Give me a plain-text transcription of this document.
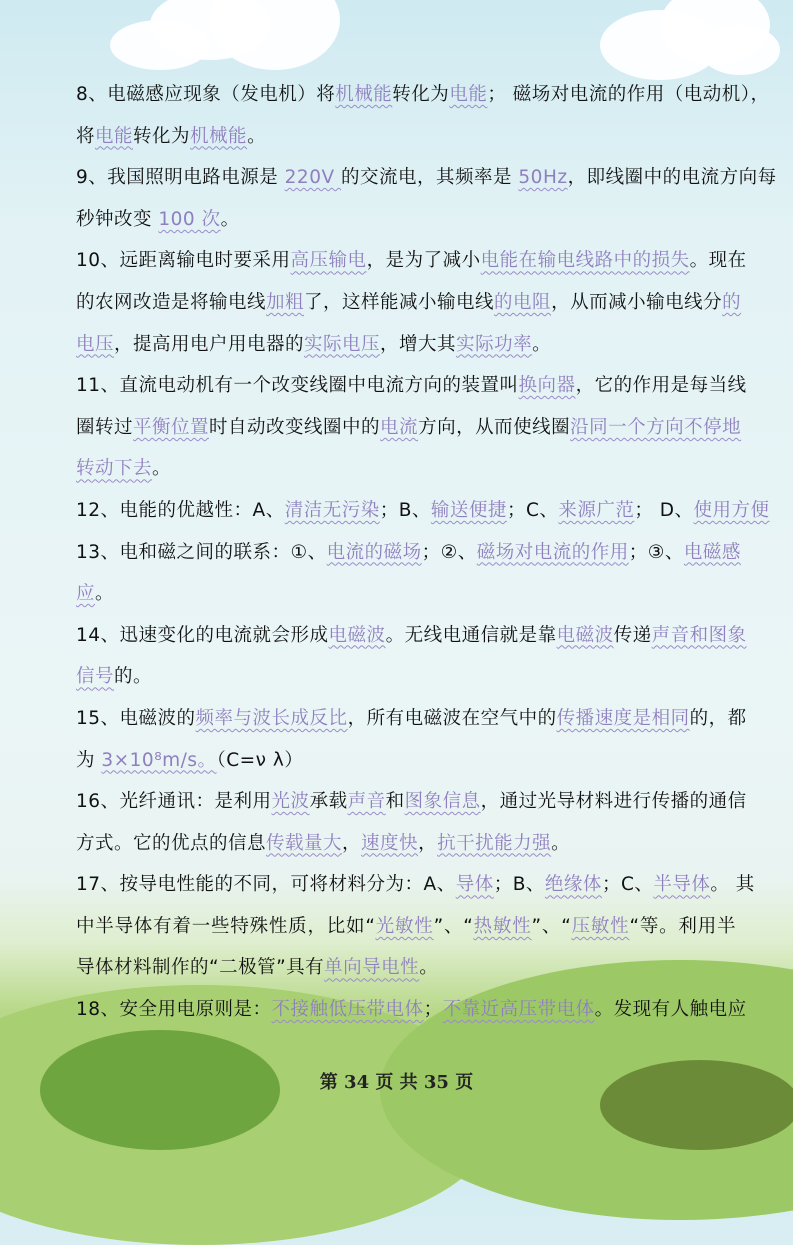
8、电磁感应现象（发电机）将机械能转化为电能； 磁场对电流的作用（电动机），
将电能转化为机械能。
9、我国照明电路电源是 220V 的交流电，其频率是 50Hz，即线圈中的电流方向每
秒钟改变 100 次。
10、远距离输电时要采用高压输电，是为了减小电能在输电线路中的损失。现在
的农网改造是将输电线加粗了，这样能减小输电线的电阻，从而减小输电线分的
电压，提高用电户用电器的实际电压，增大其实际功率。
11、直流电动机有一个改变线圈中电流方向的装置叫换向器，它的作用是每当线
圈转过平衡位置时自动改变线圈中的电流方向，从而使线圈沿同一个方向不停地
转动下去。
12、电能的优越性：A、清洁无污染；B、输送便捷；C、来源广范； D、使用方便
13、电和磁之间的联系：①、电流的磁场；②、磁场对电流的作用；③、电磁感
应。
14、迅速变化的电流就会形成电磁波。无线电通信就是靠电磁波传递声音和图象
信号的。
15、电磁波的频率与波长成反比，所有电磁波在空气中的传播速度是相同的，都
为 3×10⁸m/s。（C=ν λ）
16、光纤通讯：是利用光波承载声音和图象信息，通过光导材料进行传播的通信
方式。它的优点的信息传载量大，速度快，抗干扰能力强。
17、按导电性能的不同，可将材料分为：A、导体；B、绝缘体；C、半导体。 其
中半导体有着一些特殊性质，比如“光敏性”、“热敏性”、“压敏性“等。利用半
导体材料制作的“二极管”具有单向导电性。
18、安全用电原则是：不接触低压带电体；不靠近高压带电体。发现有人触电应
第 34 页 共 35 页
